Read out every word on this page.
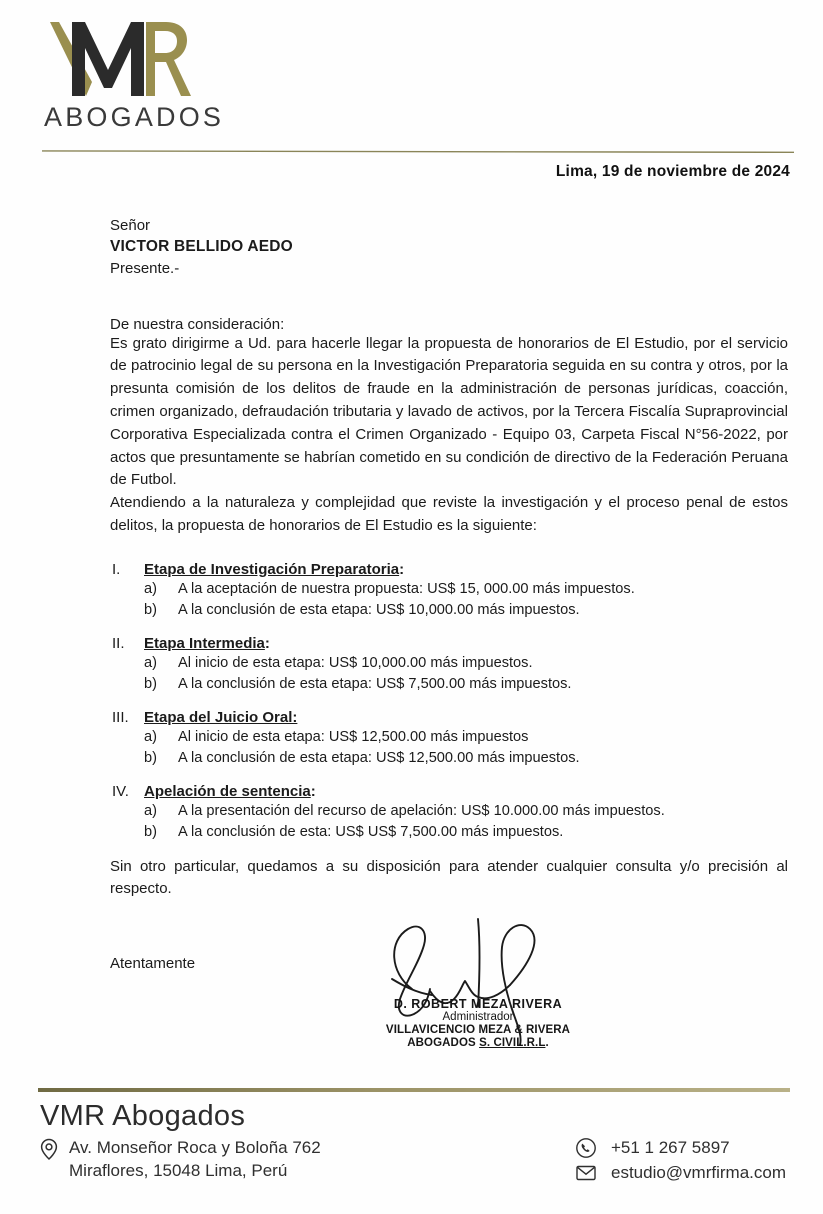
ABOGADOS
Lima, 19 de noviembre de 2024
Señor
VICTOR BELLIDO AEDO
Presente.-
De nuestra consideración:

Es grato dirigirme a Ud. para hacerle llegar la propuesta de honorarios de El Estudio, por el servicio de patrocinio legal de su persona en la Investigación Preparatoria seguida en su contra y otros, por la presunta comisión de los delitos de fraude en la administración de personas jurídicas, coacción, crimen organizado, defraudación tributaria y lavado de activos, por la Tercera Fiscalía Supraprovincial Corporativa Especializada contra el Crimen Organizado - Equipo 03, Carpeta Fiscal N°56-2022, por actos que presuntamente se habrían cometido en su condición de directivo de la Federación Peruana de Futbol.

Atendiendo a la naturaleza y complejidad que reviste la investigación y el proceso penal de estos delitos, la propuesta de honorarios de El Estudio es la siguiente:

I.	Etapa de Investigación Preparatoria:
a)	A la aceptación de nuestra propuesta: US$ 15, 000.00 más impuestos.
b)	A la conclusión de esta etapa: US$ 10,000.00 más impuestos.
II.	Etapa Intermedia:
a)	Al inicio de esta etapa: US$ 10,000.00 más impuestos.
b)	A la conclusión de esta etapa: US$ 7,500.00 más impuestos.
III.	Etapa del Juicio Oral:
a)	Al inicio de esta etapa: US$ 12,500.00 más impuestos
b)	A la conclusión de esta etapa: US$ 12,500.00 más impuestos.
IV.	Apelación de sentencia:
a)	A la presentación del recurso de apelación: US$ 10.000.00 más impuestos.
b)	A la conclusión de esta: US$ US$ 7,500.00 más impuestos.

Sin otro particular, quedamos a su disposición para atender cualquier consulta y/o precisión al respecto.

Atentamente
D. ROBERT MEZA RIVERA
Administrador
VILLAVICENCIO MEZA & RIVERA
ABOGADOS S. CIVIL.R.L.
VMR Abogados
Av. Monseñor Roca y Boloña 762
Miraflores, 15048 Lima, Perú
+51 1 267 5897
estudio@vmrfirma.com
